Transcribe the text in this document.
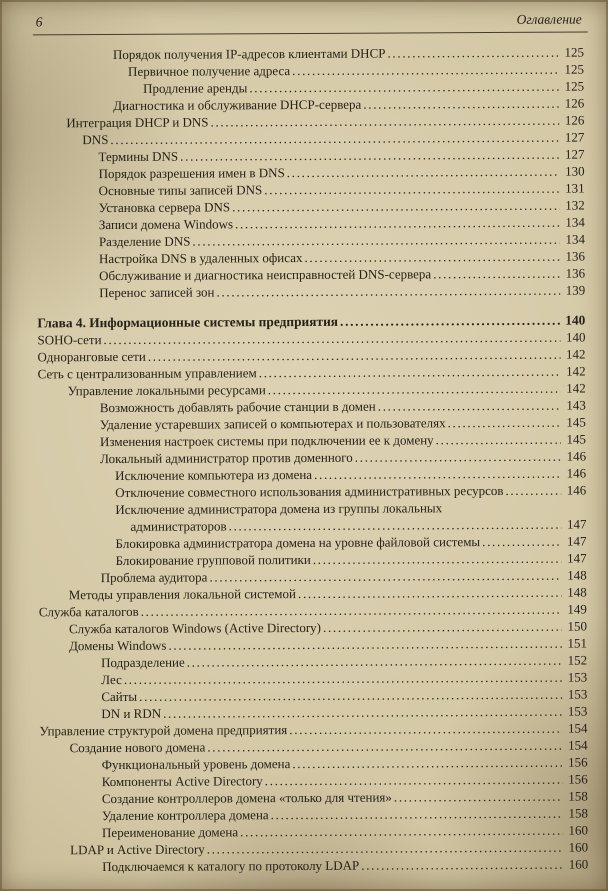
6	Оглавление
Порядок получения IP-адресов клиентами DHCP .....	125
Первичное получение адреса .....	125
Продление аренды .....	125
Диагностика и обслуживание DHCP-сервера .....	126
Интеграция DHCP и DNS .....	126
DNS .....	127
Термины DNS .....	127
Порядок разрешения имен в DNS .....	130
Основные типы записей DNS .....	131
Установка сервера DNS .....	132
Записи домена Windows .....	134
Разделение DNS .....	134
Настройка DNS в удаленных офисах .....	136
Обслуживание и диагностика неисправностей DNS-сервера .....	136
Перенос записей зон .....	139
Глава 4. Информационные системы предприятия .....	140
SOHO-сети .....	140
Одноранговые сети .....	142
Сеть с централизованным управлением .....	142
Управление локальными ресурсами .....	142
Возможность добавлять рабочие станции в домен .....	143
Удаление устаревших записей о компьютерах и пользователях .....	145
Изменения настроек системы при подключении ее к домену .....	145
Локальный администратор против доменного .....	146
Исключение компьютера из домена .....	146
Отключение совместного использования административных ресурсов .....	146
Исключение администратора домена из группы локальных
администраторов .....	147
Блокировка администратора домена на уровне файловой системы .....	147
Блокирование групповой политики .....	147
Проблема аудитора .....	148
Методы управления локальной системой .....	148
Служба каталогов .....	149
Служба каталогов Windows (Active Directory) .....	150
Домены Windows .....	151
Подразделение .....	152
Лес .....	153
Сайты .....	153
DN и RDN .....	153
Управление структурой домена предприятия .....	154
Создание нового домена .....	154
Функциональный уровень домена .....	156
Компоненты Active Directory .....	156
Создание контроллеров домена «только для чтения» .....	158
Удаление контроллера домена .....	158
Переименование домена .....	160
LDAP и Active Directory .....	160
Подключаемся к каталогу по протоколу LDAP .....	160
